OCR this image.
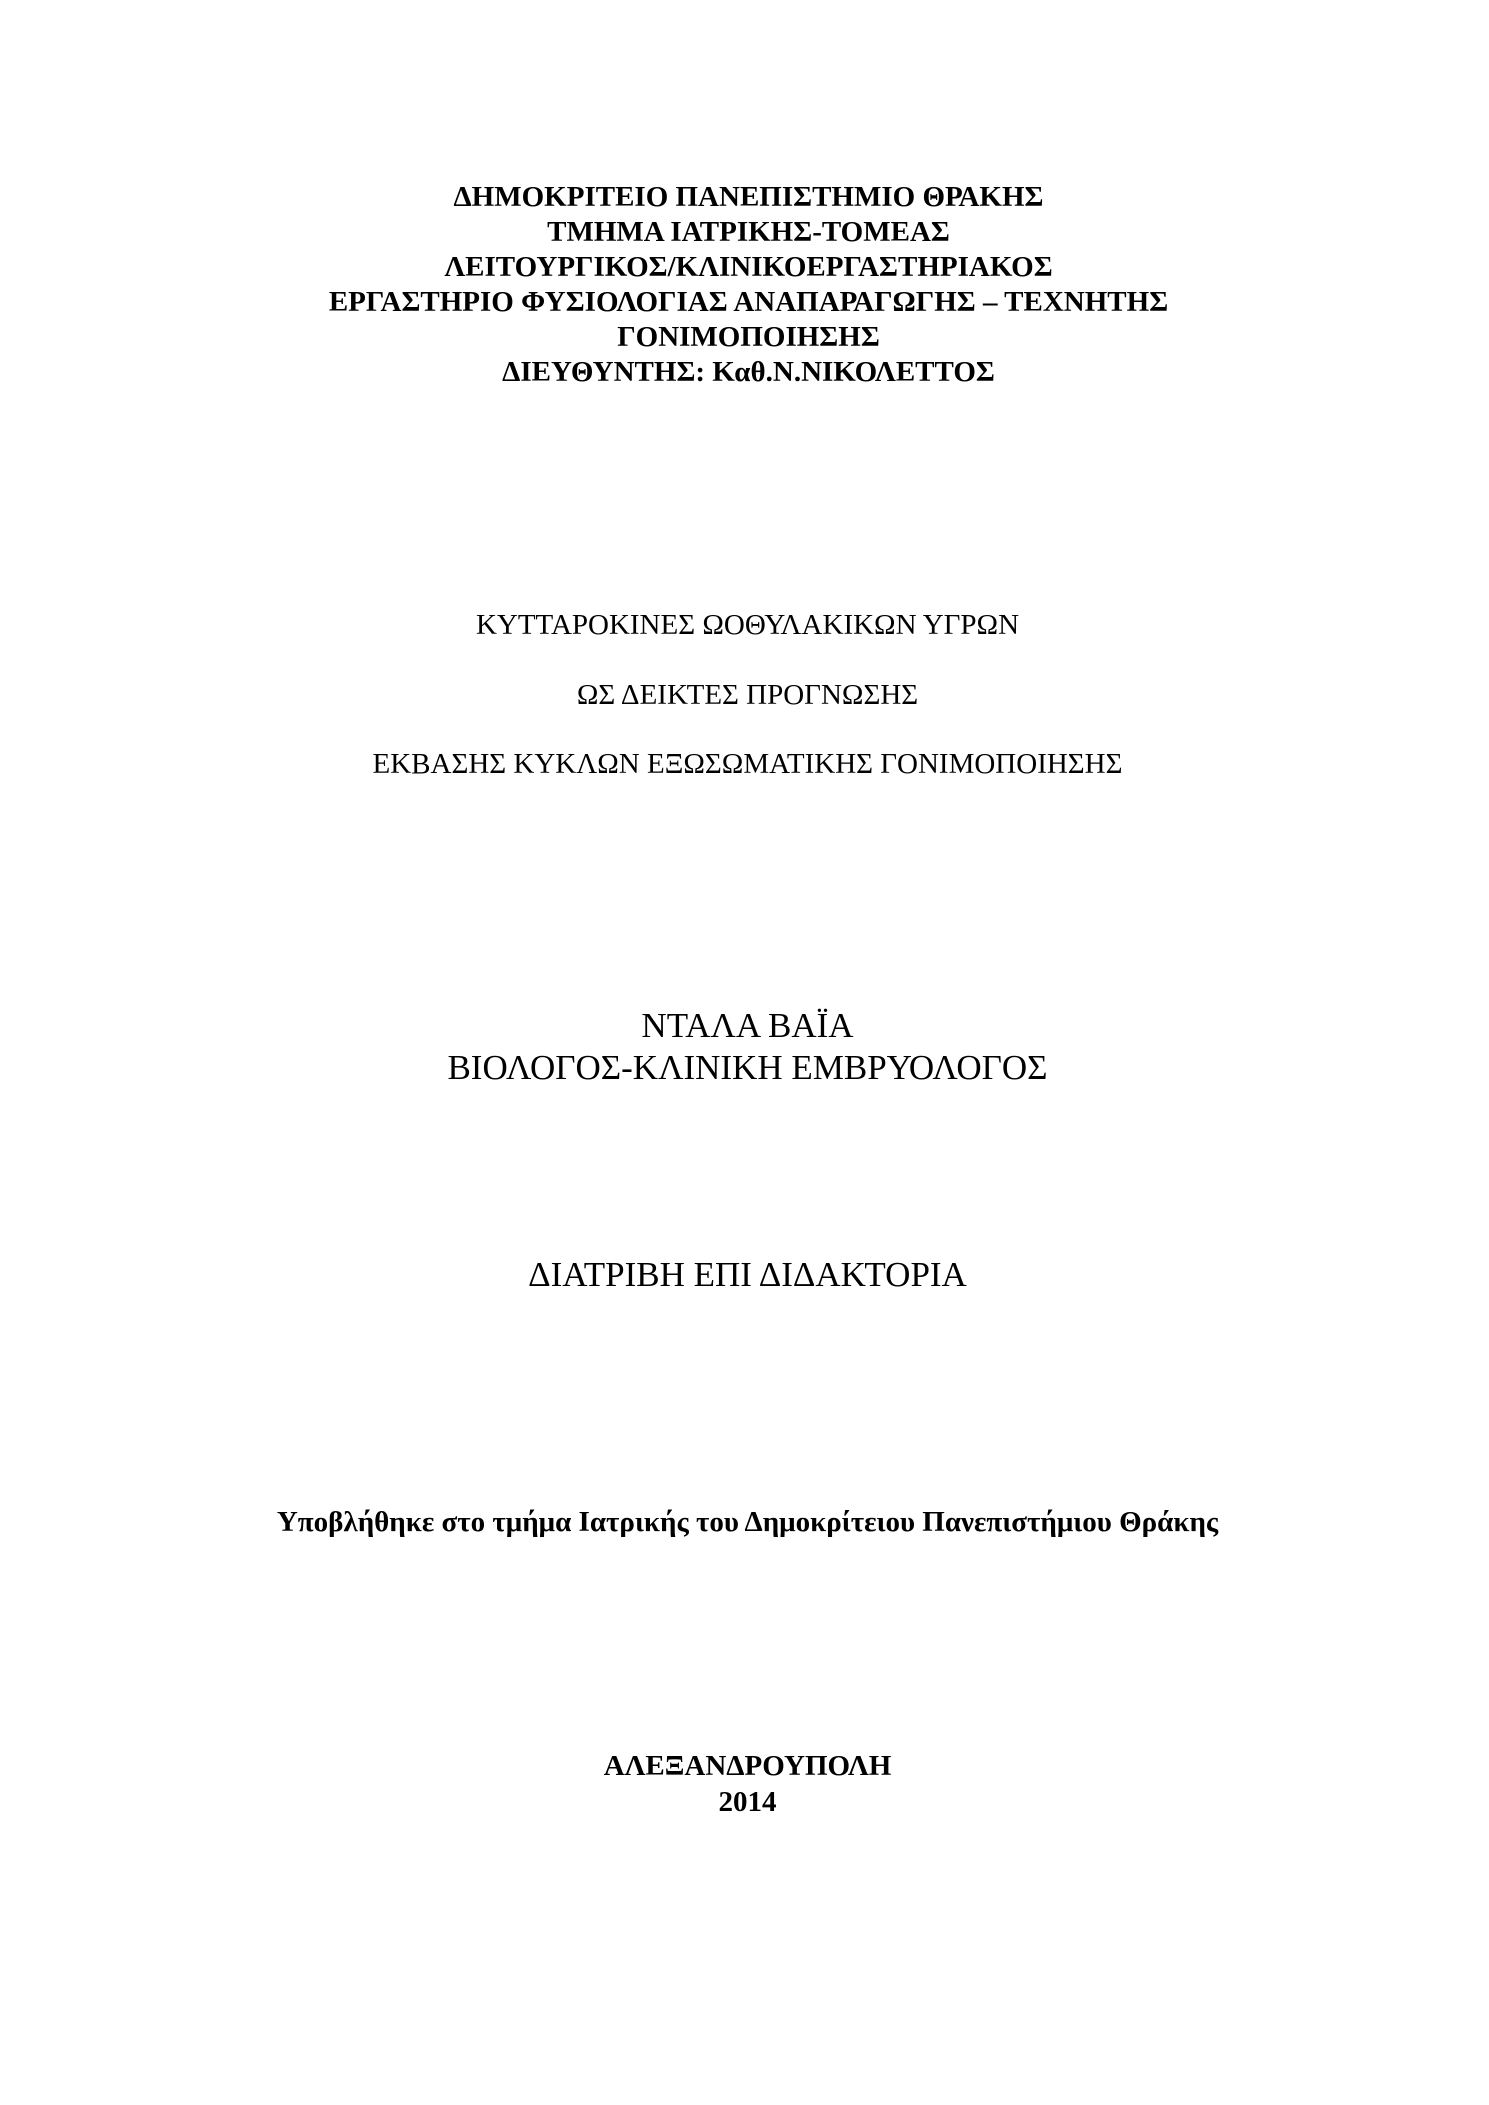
ΔΗΜΟΚΡΙΤΕΙΟ ΠΑΝΕΠΙΣΤΗΜΙΟ ΘΡΑΚΗΣ
ΤΜΗΜΑ ΙΑΤΡΙΚΗΣ-ΤΟΜΕΑΣ
ΛΕΙΤΟΥΡΓΙΚΟΣ/ΚΛΙΝΙΚΟΕΡΓΑΣΤΗΡΙΑΚΟΣ
ΕΡΓΑΣΤΗΡΙΟ ΦΥΣΙΟΛΟΓΙΑΣ ΑΝΑΠΑΡΑΓΩΓΗΣ – ΤΕΧΝΗΤΗΣ
ΓΟΝΙΜΟΠΟΙΗΣΗΣ
ΔΙΕΥΘΥΝΤΗΣ: Καθ.Ν.ΝΙΚΟΛΕΤΤΟΣ
ΚΥΤΤΑΡΟΚΙΝΕΣ ΩΟΘΥΛΑΚΙΚΩΝ ΥΓΡΩΝ
ΩΣ ΔΕΙΚΤΕΣ ΠΡΟΓΝΩΣΗΣ
ΕΚΒΑΣΗΣ ΚΥΚΛΩΝ ΕΞΩΣΩΜΑΤΙΚΗΣ ΓΟΝΙΜΟΠΟΙΗΣΗΣ
ΝΤΑΛΑ ΒΑΪΑ
ΒΙΟΛΟΓΟΣ-ΚΛΙΝΙΚΗ ΕΜΒΡΥΟΛΟΓΟΣ
ΔΙΑΤΡΙΒΗ ΕΠΙ ΔΙΔΑΚΤΟΡΙΑ
Υποβλήθηκε στο τμήμα Ιατρικής του Δημοκρίτειου Πανεπιστήμιου Θράκης
ΑΛΕΞΑΝΔΡΟΥΠΟΛΗ
2014
